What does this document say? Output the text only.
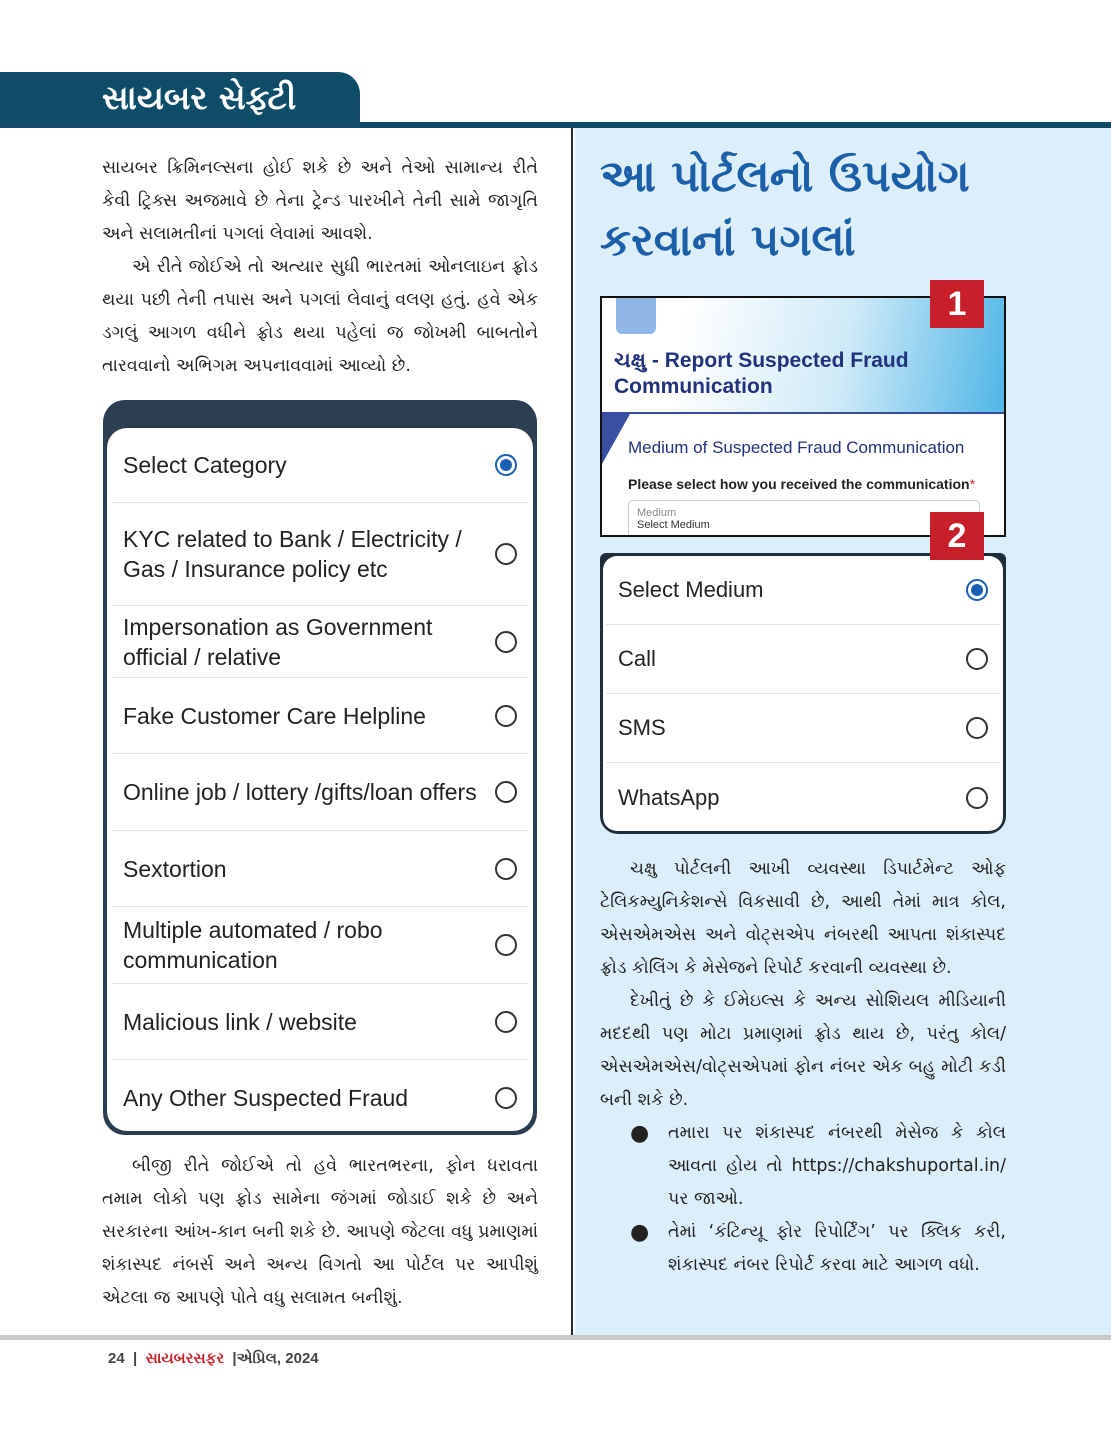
સાયબર સેફ્ટી

સાયબર ક્રિમિનલ્સના હોઈ શકે છે અને તેઓ સામાન્ય રીતે કેવી ટ્રિક્સ અજમાવે છે તેના ટ્રેન્ડ પારખીને તેની સામે જાગૃતિ અને સલામતીનાં પગલાં લેવામાં આવશે.

એ રીતે જોઈએ તો અત્યાર સુધી ભારતમાં ઓનલાઇન ફ્રોડ થયા પછી તેની તપાસ અને પગલાં લેવાનું વલણ હતું. હવે એક ડગલું આગળ વધીને ફ્રોડ થયા પહેલાં જ જોખમી બાબતોને તારવવાનો અભિગમ અપનાવવામાં આવ્યો છે.

Select Category
KYC related to Bank / Electricity / Gas / Insurance policy etc
Impersonation as Government official / relative
Fake Customer Care Helpline
Online job / lottery /gifts/loan offers
Sextortion
Multiple automated / robo communication
Malicious link / website
Any Other Suspected Fraud

બીજી રીતે જોઈએ તો હવે ભારતભરના, ફોન ધરાવતા તમામ લોકો પણ ફ્રોડ સામેના જંગમાં જોડાઈ શકે છે અને સરકારના આંખ-કાન બની શકે છે. આપણે જેટલા વધુ પ્રમાણમાં શંકાસ્પદ નંબર્સ અને અન્ય વિગતો આ પોર્ટલ પર આપીશું એટલા જ આપણે પોતે વધુ સલામત બનીશું.

આ પોર્ટલનો ઉપયોગ કરવાનાં પગલાં
ચક્ષુ - Report Suspected Fraud Communication
Medium of Suspected Fraud Communication
Please select how you received the communication*
Medium
Select Medium
1
Select Medium
Call
SMS
WhatsApp
2

ચક્ષુ પોર્ટલની આખી વ્યવસ્થા ડિપાર્ટમેન્ટ ઓફ ટેલિકમ્યુનિકેશન્સે વિકસાવી છે, આથી તેમાં માત્ર કોલ, એસએમએસ અને વોટ્સએપ નંબરથી આપતા શંકાસ્પદ ફ્રોડ કોલિંગ કે મેસેજને રિપોર્ટ કરવાની વ્યવસ્થા છે.

દેખીતું છે કે ઈમેઇલ્સ કે અન્ય સોશિયલ મીડિયાની મદદથી પણ મોટા પ્રમાણમાં ફ્રોડ થાય છે, પરંતુ કોલ/એસએમએસ/વોટ્સએપમાં ફોન નંબર એક બહુ મોટી કડી બની શકે છે.

●	તમારા પર શંકાસ્પદ નંબરથી મેસેજ કે કોલ આવતા હોય તો https://chakshuportal.in/ પર જાઓ.
●	તેમાં ‘કંટિન્યૂ ફોર રિપોર્ટિંગ’ પર ક્લિક કરી, શંકાસ્પદ નંબર રિપોર્ટ કરવા માટે આગળ વધો.
24  |  સાયબરસફર  |એપ્રિલ, 2024
